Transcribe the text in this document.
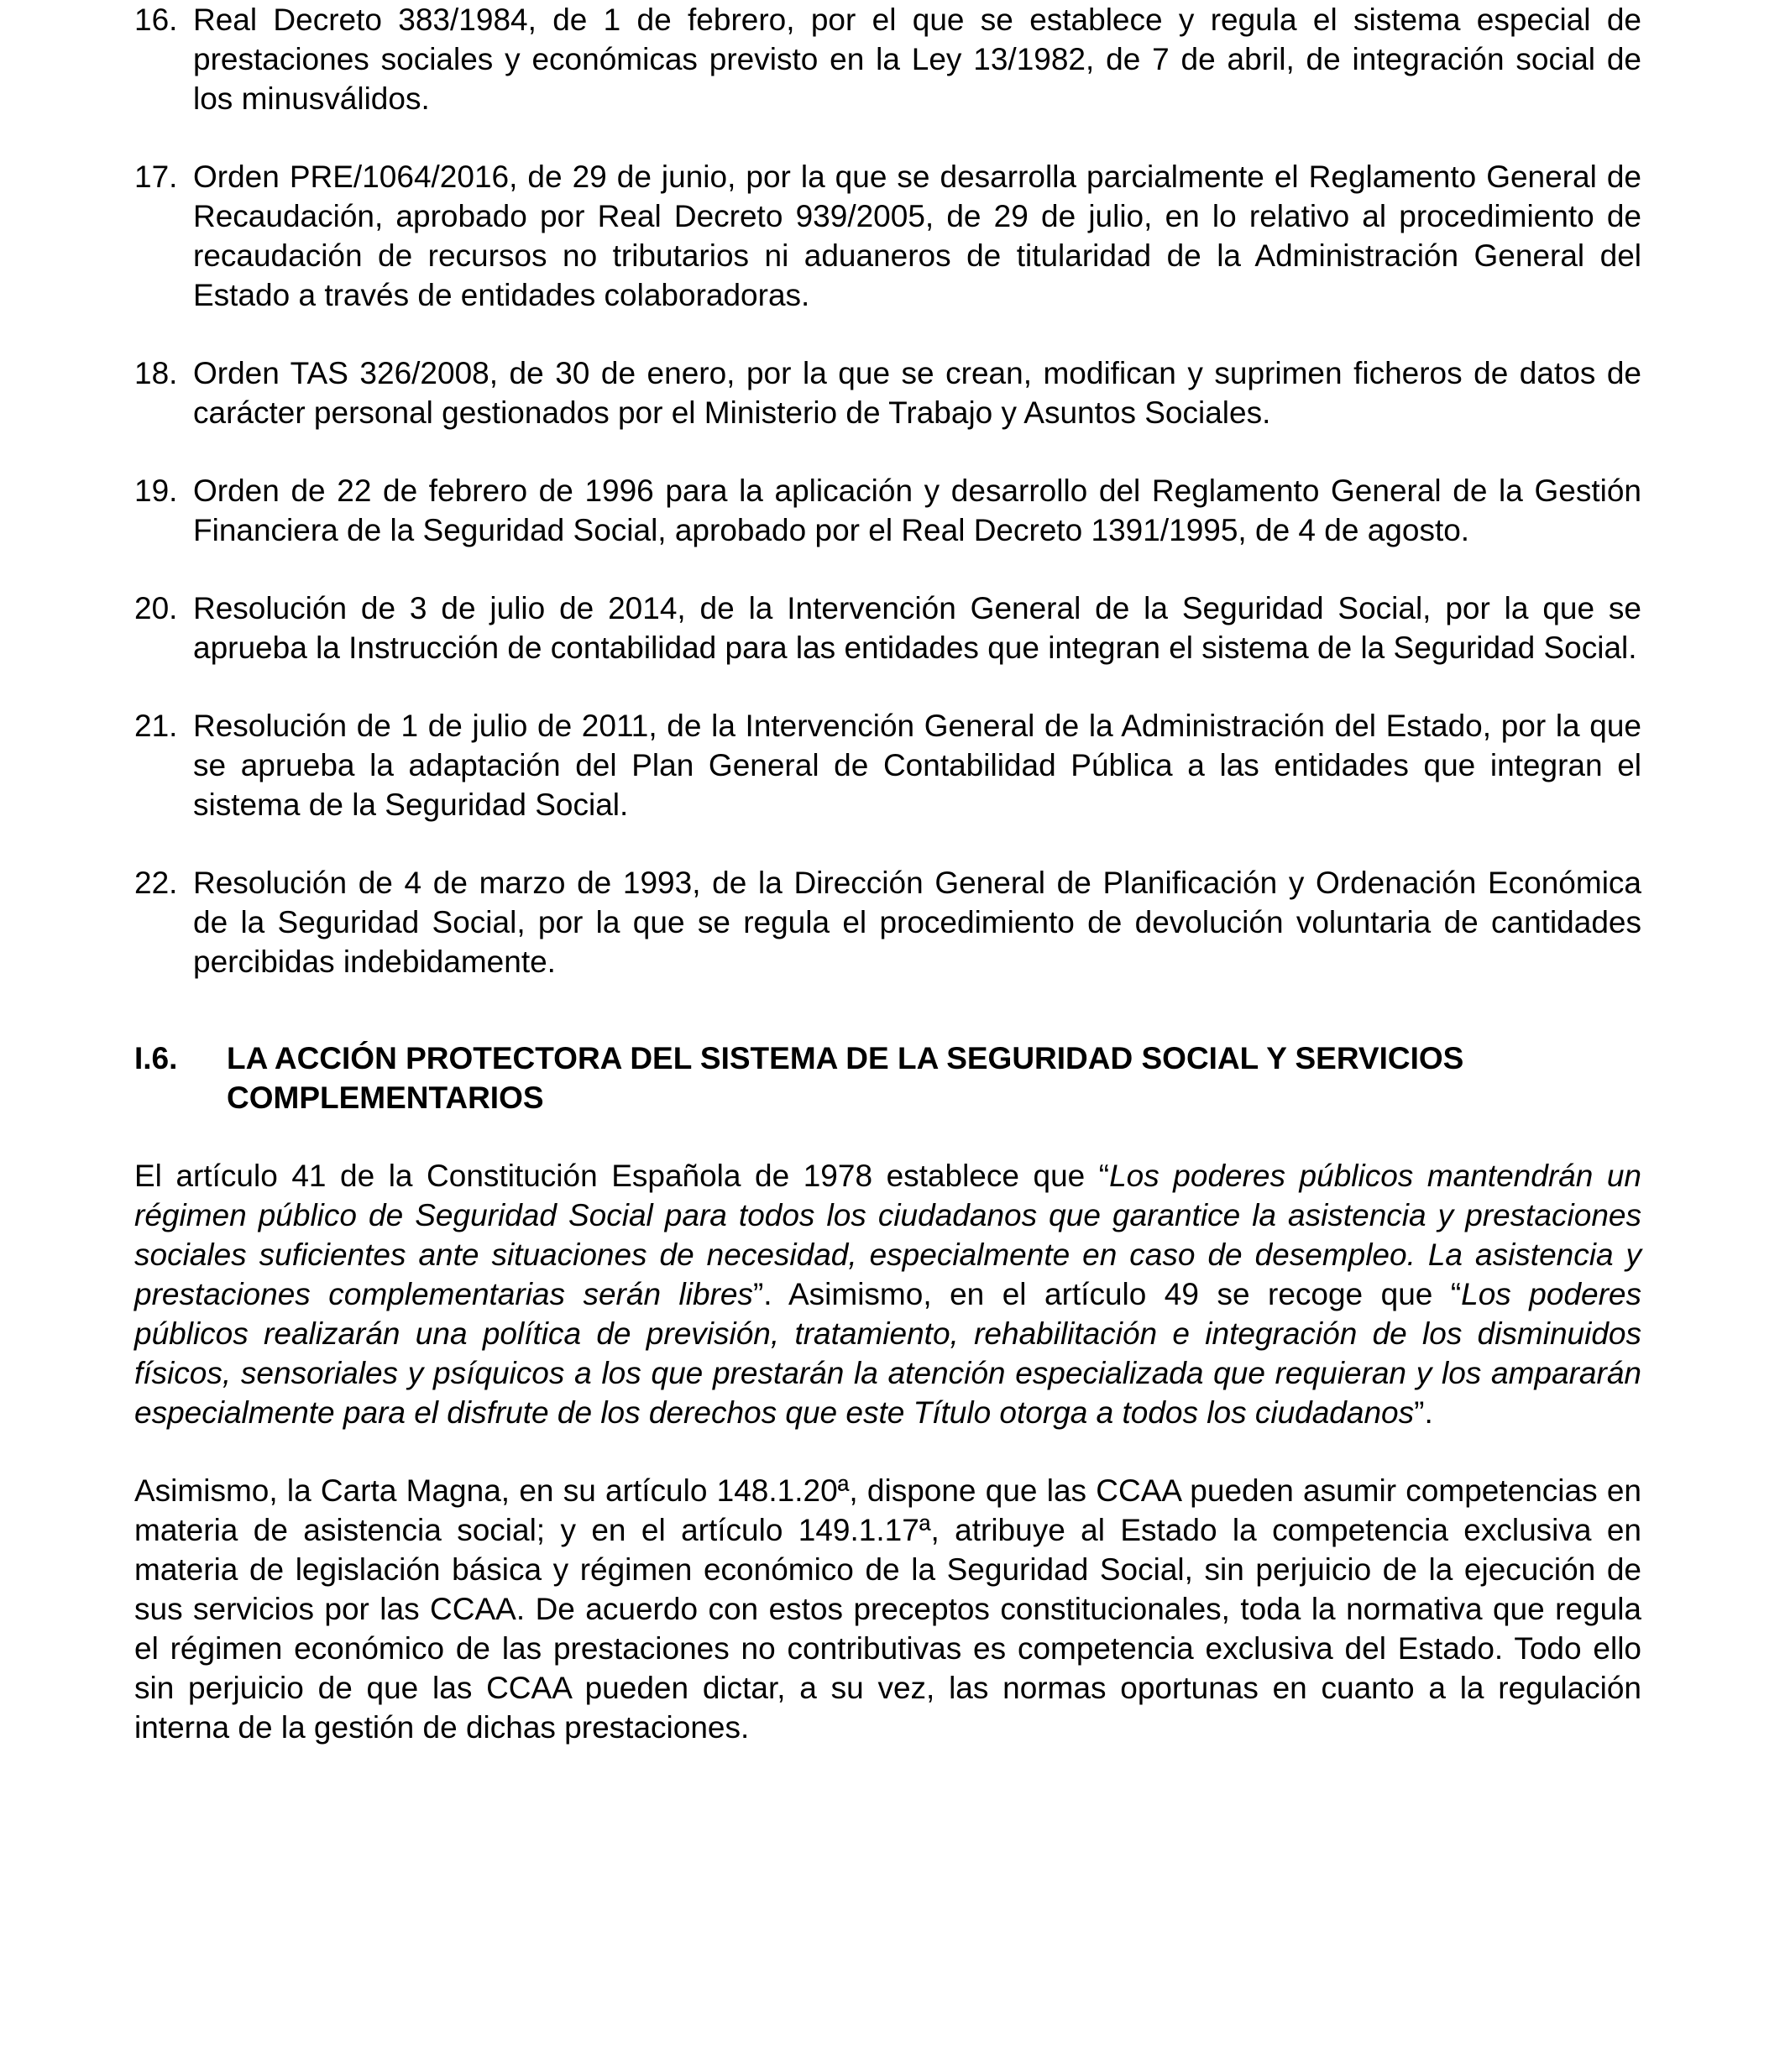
16. Real Decreto 383/1984, de 1 de febrero, por el que se establece y regula el sistema especial de prestaciones sociales y económicas previsto en la Ley 13/1982, de 7 de abril, de integración social de los minusválidos.
17. Orden PRE/1064/2016, de 29 de junio, por la que se desarrolla parcialmente el Reglamento General de Recaudación, aprobado por Real Decreto 939/2005, de 29 de julio, en lo relativo al procedimiento de recaudación de recursos no tributarios ni aduaneros de titularidad de la Administración General del Estado a través de entidades colaboradoras.
18. Orden TAS 326/2008, de 30 de enero, por la que se crean, modifican y suprimen ficheros de datos de carácter personal gestionados por el Ministerio de Trabajo y Asuntos Sociales.
19. Orden de 22 de febrero de 1996 para la aplicación y desarrollo del Reglamento General de la Gestión Financiera de la Seguridad Social, aprobado por el Real Decreto 1391/1995, de 4 de agosto.
20. Resolución de 3 de julio de 2014, de la Intervención General de la Seguridad Social, por la que se aprueba la Instrucción de contabilidad para las entidades que integran el sistema de la Seguridad Social.
21. Resolución de 1 de julio de 2011, de la Intervención General de la Administración del Estado, por la que se aprueba la adaptación del Plan General de Contabilidad Pública a las entidades que integran el sistema de la Seguridad Social.
22. Resolución de 4 de marzo de 1993, de la Dirección General de Planificación y Ordenación Económica de la Seguridad Social, por la que se regula el procedimiento de devolución voluntaria de cantidades percibidas indebidamente.
I.6. LA ACCIÓN PROTECTORA DEL SISTEMA DE LA SEGURIDAD SOCIAL Y SERVICIOS COMPLEMENTARIOS
El artículo 41 de la Constitución Española de 1978 establece que “Los poderes públicos mantendrán un régimen público de Seguridad Social para todos los ciudadanos que garantice la asistencia y prestaciones sociales suficientes ante situaciones de necesidad, especialmente en caso de desempleo. La asistencia y prestaciones complementarias serán libres”. Asimismo, en el artículo 49 se recoge que “Los poderes públicos realizarán una política de previsión, tratamiento, rehabilitación e integración de los disminuidos físicos, sensoriales y psíquicos a los que prestarán la atención especializada que requieran y los ampararán especialmente para el disfrute de los derechos que este Título otorga a todos los ciudadanos”.
Asimismo, la Carta Magna, en su artículo 148.1.20ª, dispone que las CCAA pueden asumir competencias en materia de asistencia social; y en el artículo 149.1.17ª, atribuye al Estado la competencia exclusiva en materia de legislación básica y régimen económico de la Seguridad Social, sin perjuicio de la ejecución de sus servicios por las CCAA. De acuerdo con estos preceptos constitucionales, toda la normativa que regula el régimen económico de las prestaciones no contributivas es competencia exclusiva del Estado. Todo ello sin perjuicio de que las CCAA pueden dictar, a su vez, las normas oportunas en cuanto a la regulación interna de la gestión de dichas prestaciones.
